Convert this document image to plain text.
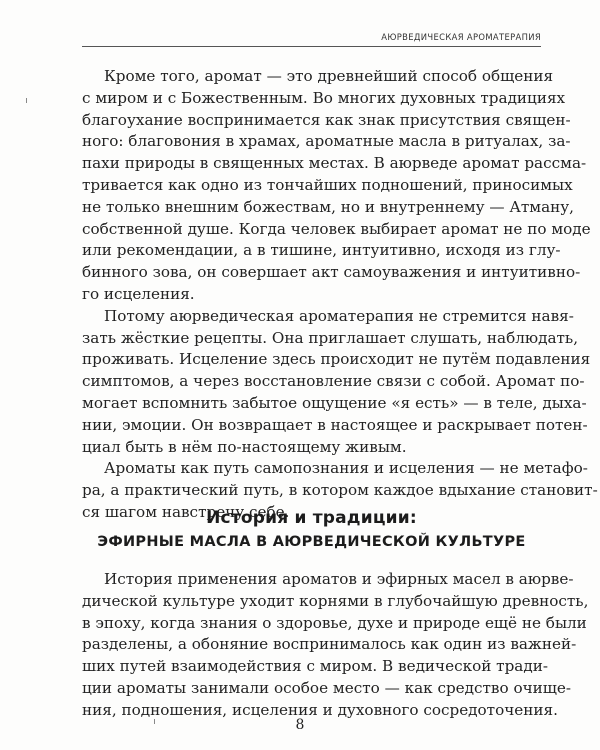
АЮРВЕДИЧЕСКАЯ АРОМАТЕРАПИЯ

Кроме того, аромат — это древнейший способ общения
с миром и с Божественным. Во многих духовных традициях
благоухание воспринимается как знак присутствия священ-
ного: благовония в храмах, ароматные масла в ритуалах, за-
пахи природы в священных местах. В аюрведе аромат рассма-
тривается как одно из тончайших подношений, приносимых
не только внешним божествам, но и внутреннему — Атману,
собственной душе. Когда человек выбирает аромат не по моде
или рекомендации, а в тишине, интуитивно, исходя из глу-
бинного зова, он совершает акт самоуважения и интуитивно-
го исцеления.

Потому аюрведическая ароматерапия не стремится навя-
зать жёсткие рецепты. Она приглашает слушать, наблюдать,
проживать. Исцеление здесь происходит не путём подавления
симптомов, а через восстановление связи с собой. Аромат по-
могает вспомнить забытое ощущение «я есть» — в теле, дыха-
нии, эмоции. Он возвращает в настоящее и раскрывает потен-
циал быть в нём по-настоящему живым.

Ароматы как путь самопознания и исцеления — не метафо-
ра, а практический путь, в котором каждое вдыхание становит-
ся шагом навстречу себе.

История и традиции:
ЭФИРНЫЕ МАСЛА В АЮРВЕДИЧЕСКОЙ КУЛЬТУРЕ

История применения ароматов и эфирных масел в аюрве-
дической культуре уходит корнями в глубочайшую древность,
в эпоху, когда знания о здоровье, духе и природе ещё не были
разделены, а обоняние воспринималось как один из важней-
ших путей взаимодействия с миром. В ведической тради-
ции ароматы занимали особое место — как средство очище-
ния, подношения, исцеления и духовного сосредоточения.

8
